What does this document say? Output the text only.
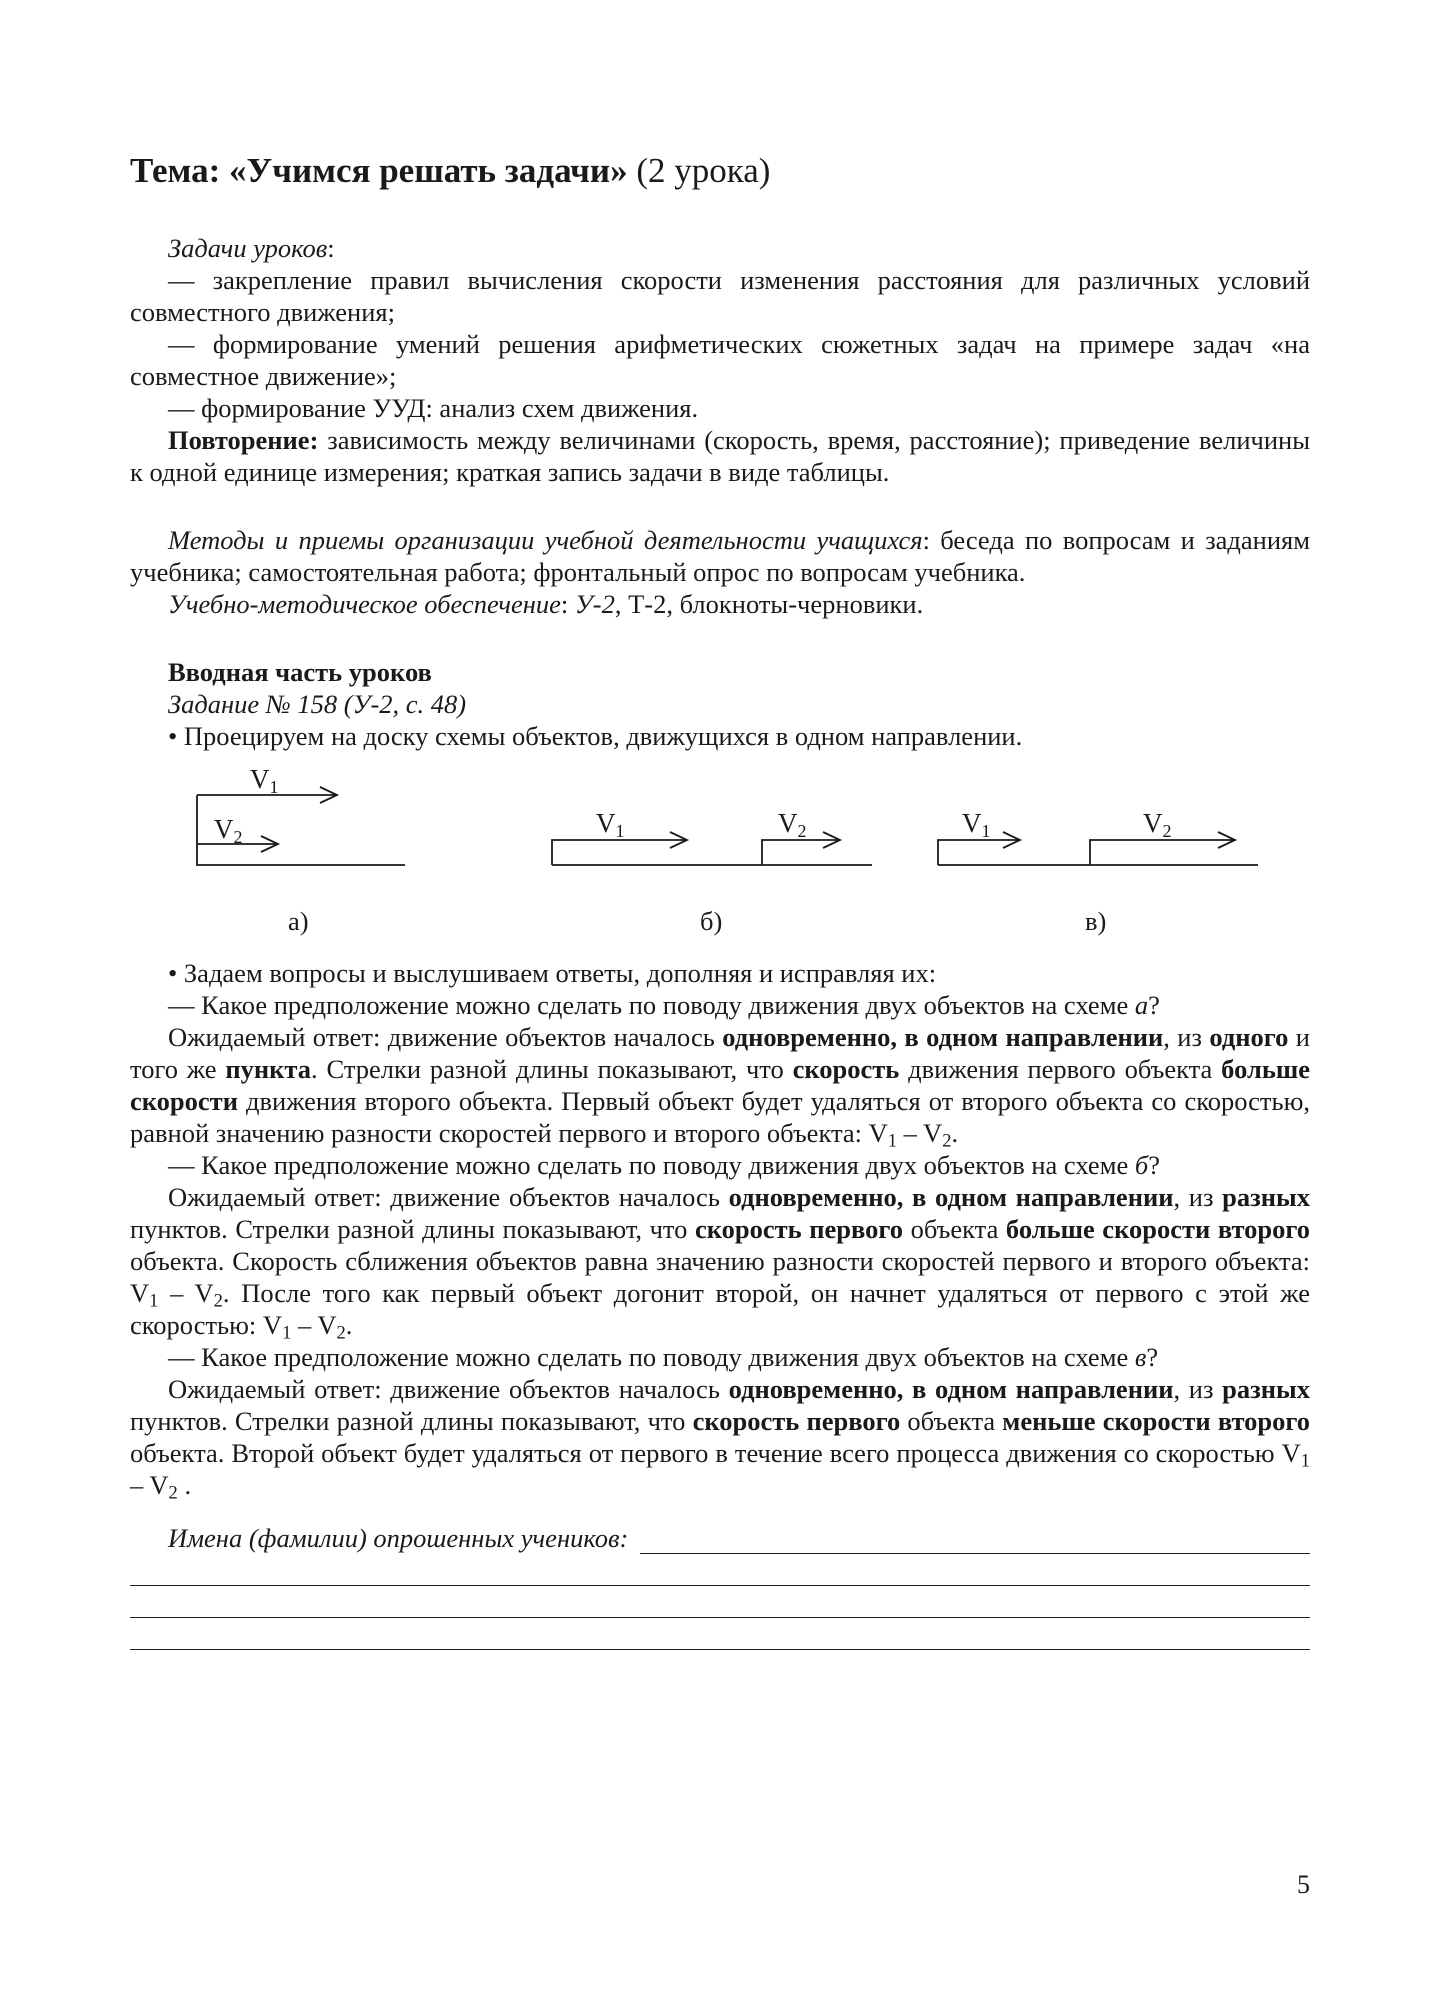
Тема: «Учимся решать задачи» (2 урока)

Задачи уроков:

— закрепление правил вычисления скорости изменения расстояния для различных условий совместного движения;

— формирование умений решения арифметических сюжетных задач на примере задач «на совместное движение»;

— формирование УУД: анализ схем движения.

Повторение: зависимость между величинами (скорость, время, расстояние); приведение величины к одной единице измерения; краткая запись задачи в виде таблицы.

Методы и приемы организации учебной деятельности учащихся: беседа по вопросам и заданиям учебника; самостоятельная работа; фронтальный опрос по вопросам учебника.

Учебно-методическое обеспечение: У-2, Т-2, блокноты-черновики.

Вводная часть уроков

Задание № 158 (У-2, с. 48)

• Проецируем на доску схемы объектов, движущихся в одном направлении.

V1
V2	V1	V2	V1	V2
а)	б)	в)

• Задаем вопросы и выслушиваем ответы, дополняя и исправляя их:

— Какое предположение можно сделать по поводу движения двух объектов на схеме а?

Ожидаемый ответ: движение объектов началось одновременно, в одном направлении, из одного и того же пункта. Стрелки разной длины показывают, что скорость движения первого объекта больше скорости движения второго объекта. Первый объект будет удаляться от второго объекта со скоростью, равной значению разности скоростей первого и второго объекта: $V_1 - V_2$.

— Какое предположение можно сделать по поводу движения двух объектов на схеме б?

Ожидаемый ответ: движение объектов началось одновременно, в одном направлении, из разных пунктов. Стрелки разной длины показывают, что скорость первого объекта больше скорости второго объекта. Скорость сближения объектов равна значению разности скоростей первого и второго объекта: $V_1 - V_2$. После того как первый объект догонит второй, он начнет удаляться от первого с этой же скоростью: $V_1 - V_2$.

— Какое предположение можно сделать по поводу движения двух объектов на схеме в?

Ожидаемый ответ: движение объектов началось одновременно, в одном направлении, из разных пунктов. Стрелки разной длины показывают, что скорость первого объекта меньше скорости второго объекта. Второй объект будет удаляться от первого в течение всего процесса движения со скоростью $V_1 - V_2$ .

Имена (фамилии) опрошенных учеников:
5
